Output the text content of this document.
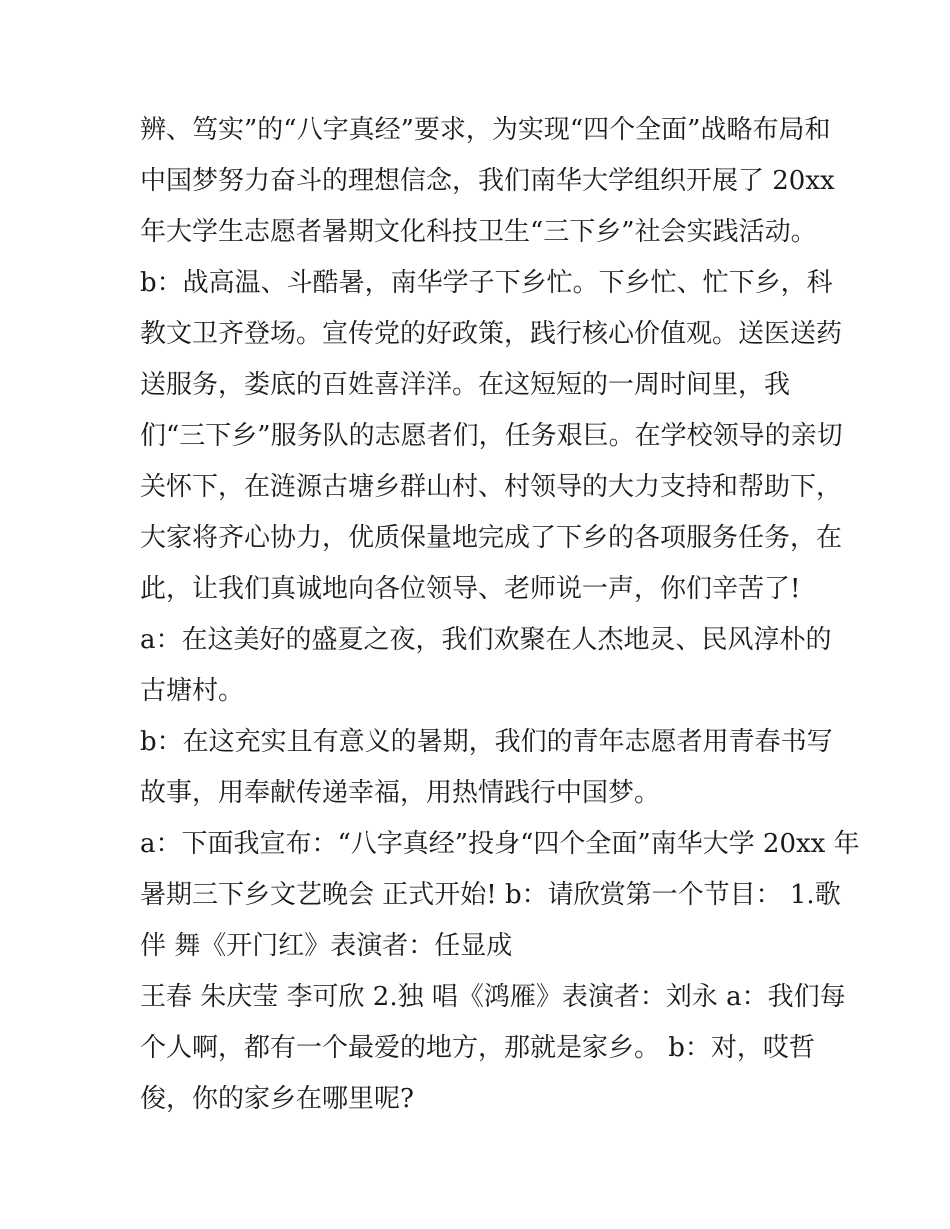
辨、笃实”的“八字真经”要求，为实现“四个全面”战略布局和
中国梦努力奋斗的理想信念，我们南华大学组织开展了 20xx
年大学生志愿者暑期文化科技卫生“三下乡”社会实践活动。
b：战高温、斗酷暑，南华学子下乡忙。下乡忙、忙下乡，科
教文卫齐登场。宣传党的好政策，践行核心价值观。送医送药
送服务，娄底的百姓喜洋洋。在这短短的一周时间里，我
们“三下乡”服务队的志愿者们，任务艰巨。在学校领导的亲切
关怀下，在涟源古塘乡群山村、村领导的大力支持和帮助下，
大家将齐心协力，优质保量地完成了下乡的各项服务任务，在
此，让我们真诚地向各位领导、老师说一声，你们辛苦了!
a：在这美好的盛夏之夜，我们欢聚在人杰地灵、民风淳朴的
古塘村。
b：在这充实且有意义的暑期，我们的青年志愿者用青春书写
故事，用奉献传递幸福，用热情践行中国梦。
a：下面我宣布：“八字真经”投身“四个全面”南华大学 20xx 年
暑期三下乡文艺晚会 正式开始! b：请欣赏第一个节目： 1.歌
伴 舞《开门红》表演者：任显成
王春 朱庆莹 李可欣 2.独 唱《鸿雁》表演者：刘永 a：我们每
个人啊，都有一个最爱的地方，那就是家乡。 b：对，哎哲
俊，你的家乡在哪里呢?
